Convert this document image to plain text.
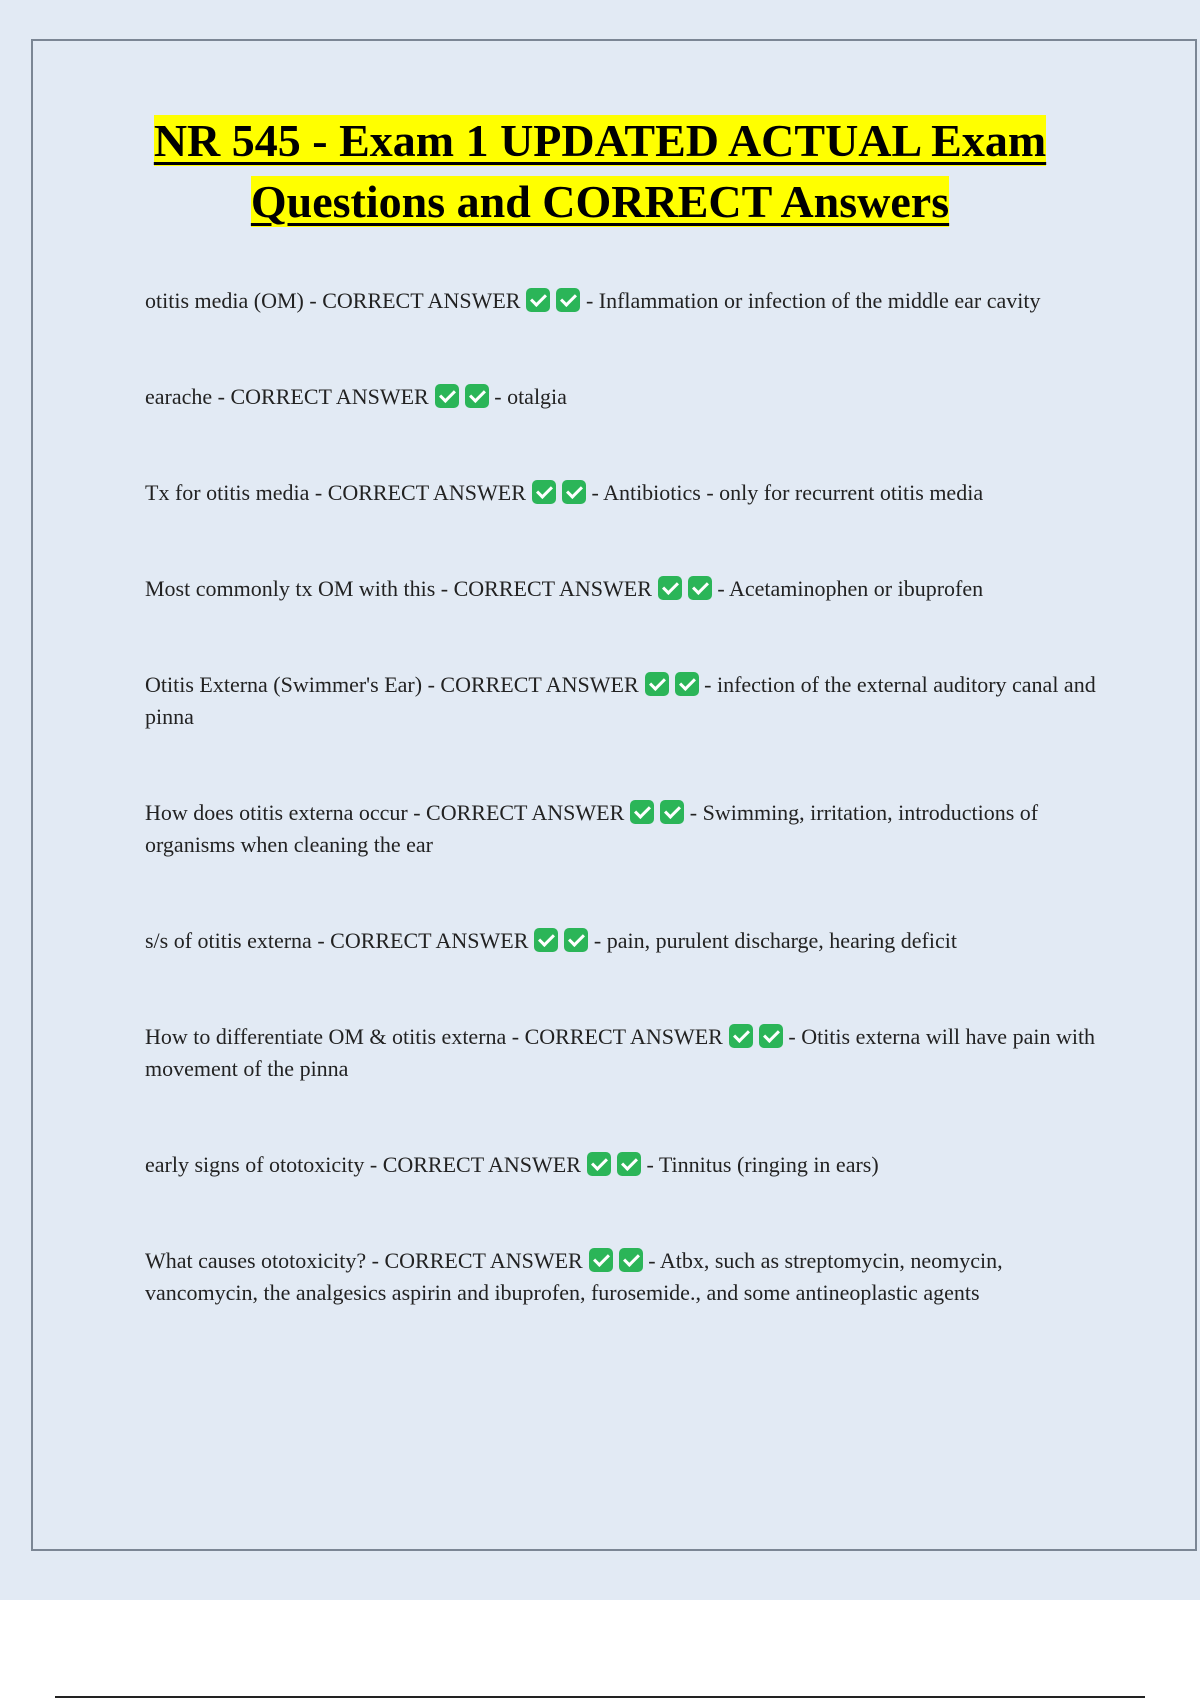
NR 545 - Exam 1 UPDATED ACTUAL Exam Questions and CORRECT Answers

otitis media (OM) - CORRECT ANSWER	- Inflammation or infection of the middle ear cavity

earache - CORRECT ANSWER	- otalgia

Tx for otitis media - CORRECT ANSWER	- Antibiotics - only for recurrent otitis media

Most commonly tx OM with this - CORRECT ANSWER	- Acetaminophen or ibuprofen

Otitis Externa (Swimmer's Ear) - CORRECT ANSWER	- infection of the external auditory canal and pinna

How does otitis externa occur - CORRECT ANSWER	- Swimming, irritation, introductions of organisms when cleaning the ear

s/s of otitis externa - CORRECT ANSWER	- pain, purulent discharge, hearing deficit

How to differentiate OM & otitis externa - CORRECT ANSWER	- Otitis externa will have pain with movement of the pinna

early signs of ototoxicity - CORRECT ANSWER	- Tinnitus (ringing in ears)

What causes ototoxicity? - CORRECT ANSWER	- Atbx, such as streptomycin, neomycin, vancomycin, the analgesics aspirin and ibuprofen, furosemide., and some antineoplastic agents
